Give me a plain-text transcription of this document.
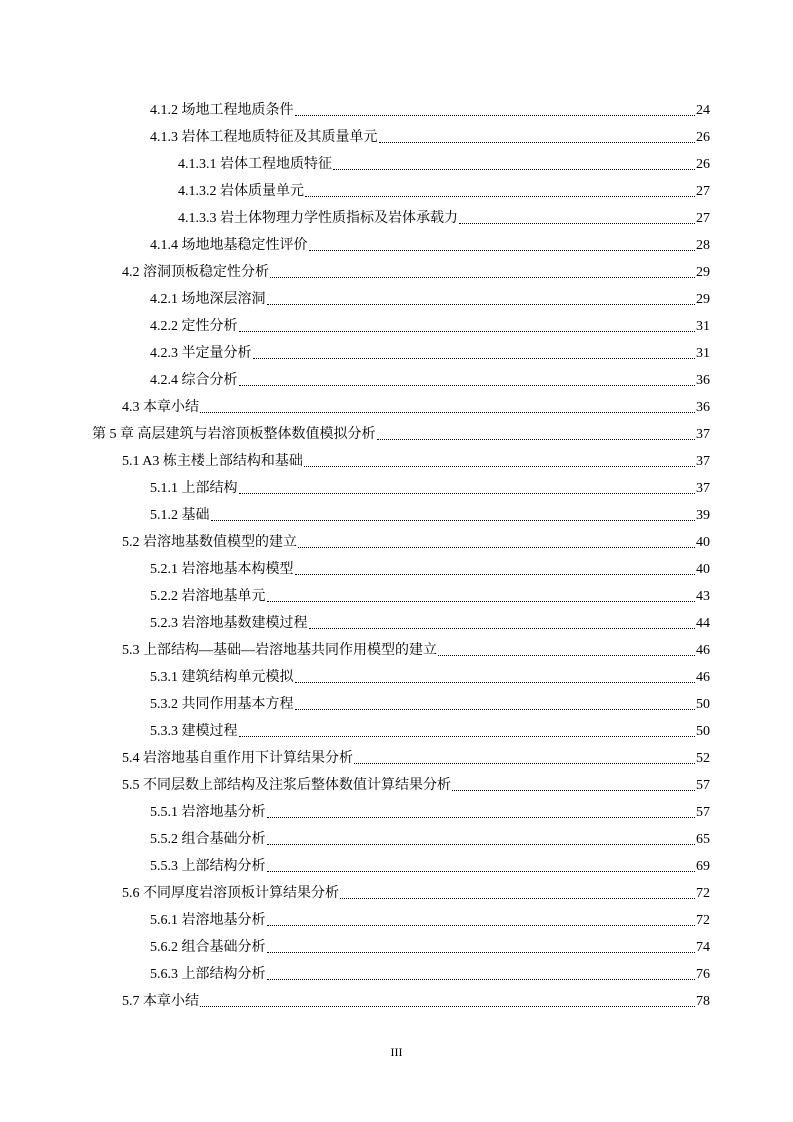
4.1.2 场地工程地质条件	24
4.1.3 岩体工程地质特征及其质量单元	26
4.1.3.1 岩体工程地质特征	26
4.1.3.2 岩体质量单元	27
4.1.3.3 岩土体物理力学性质指标及岩体承载力	27
4.1.4 场地地基稳定性评价	28
4.2 溶洞顶板稳定性分析	29
4.2.1 场地深层溶洞	29
4.2.2 定性分析	31
4.2.3 半定量分析	31
4.2.4 综合分析	36
4.3 本章小结	36
第 5 章 高层建筑与岩溶顶板整体数值模拟分析	37
5.1 A3 栋主楼上部结构和基础	37
5.1.1 上部结构	37
5.1.2 基础	39
5.2 岩溶地基数值模型的建立	40
5.2.1 岩溶地基本构模型	40
5.2.2 岩溶地基单元	43
5.2.3 岩溶地基数建模过程	44
5.3 上部结构—基础—岩溶地基共同作用模型的建立	46
5.3.1 建筑结构单元模拟	46
5.3.2 共同作用基本方程	50
5.3.3 建模过程	50
5.4 岩溶地基自重作用下计算结果分析	52
5.5 不同层数上部结构及注浆后整体数值计算结果分析	57
5.5.1 岩溶地基分析	57
5.5.2 组合基础分析	65
5.5.3 上部结构分析	69
5.6 不同厚度岩溶顶板计算结果分析	72
5.6.1 岩溶地基分析	72
5.6.2 组合基础分析	74
5.6.3 上部结构分析	76
5.7 本章小结	78
III
